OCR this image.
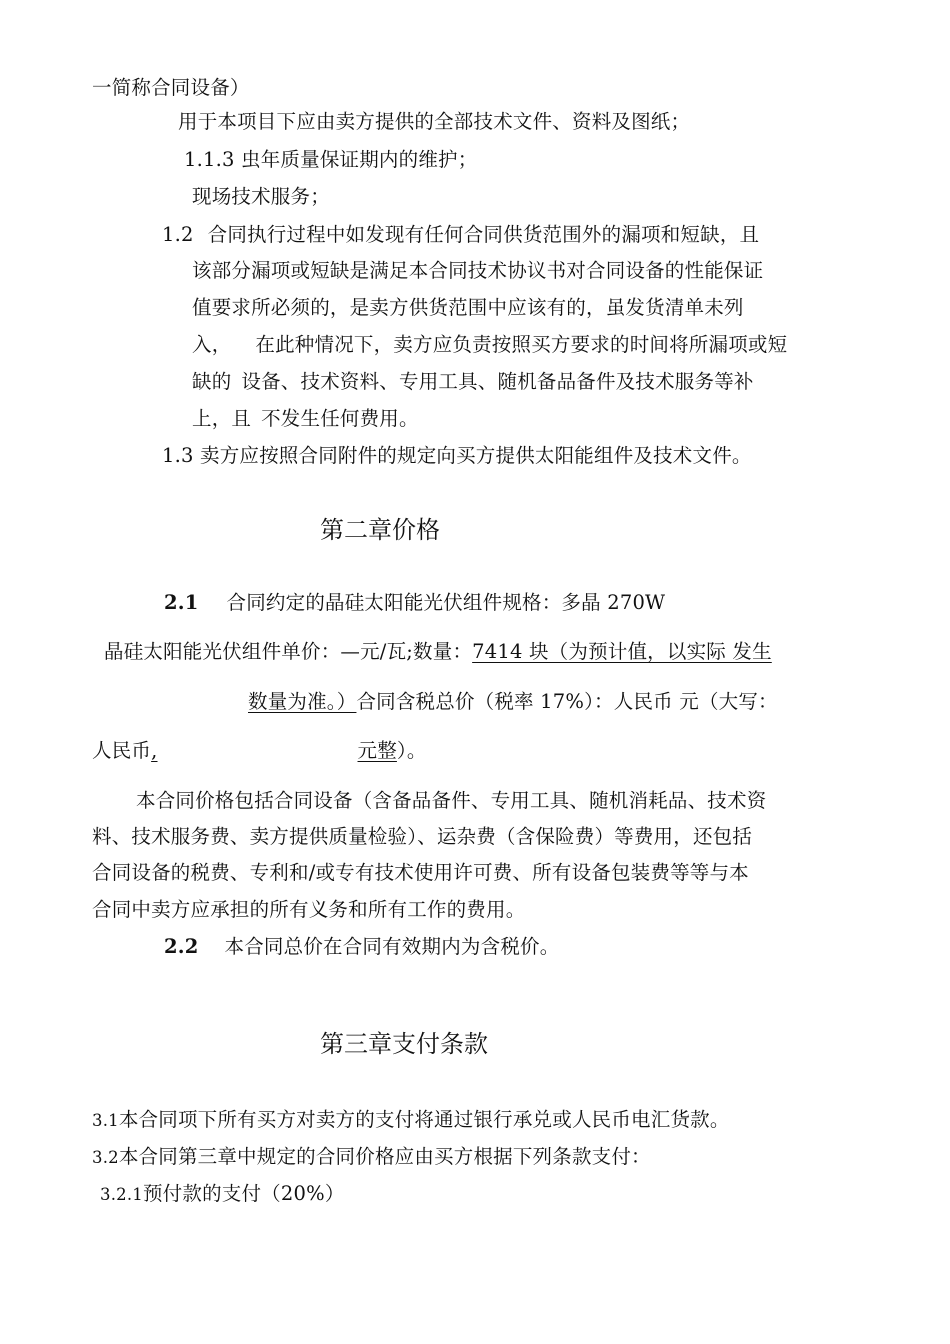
一简称合同设备）
用于本项目下应由卖方提供的全部技术文件、资料及图纸；
1.1.3 虫年质量保证期内的维护；
现场技术服务；
1.2 合同执行过程中如发现有任何合同供货范围外的漏项和短缺，且
该部分漏项或短缺是满足本合同技术协议书对合同设备的性能保证
值要求所必须的，是卖方供货范围中应该有的，虽发货清单未列
入， 在此种情况下，卖方应负责按照买方要求的时间将所漏项或短
缺的 设备、技术资料、专用工具、随机备品备件及技术服务等补
上，且 不发生任何费用。
1.3 卖方应按照合同附件的规定向买方提供太阳能组件及技术文件。
第二章价格
2.1 合同约定的晶硅太阳能光伏组件规格：多晶 270W
晶硅太阳能光伏组件单价：—元/瓦;数量：7414 块（为预计值，以实际 发生
数量为准。）合同含税总价（税率 17%）：人民币 元（大写：
人民币,	元整）。
本合同价格包括合同设备（含备品备件、专用工具、随机消耗品、技术资
料、技术服务费、卖方提供质量检验）、运杂费（含保险费）等费用，还包括
合同设备的税费、专利和/或专有技术使用许可费、所有设备包装费等等与本
合同中卖方应承担的所有义务和所有工作的费用。
2.2 本合同总价在合同有效期内为含税价。
第三章支付条款
3.1本合同项下所有买方对卖方的支付将通过银行承兑或人民币电汇货款。
3.2本合同第三章中规定的合同价格应由买方根据下列条款支付：
3.2.1预付款的支付（20%）
